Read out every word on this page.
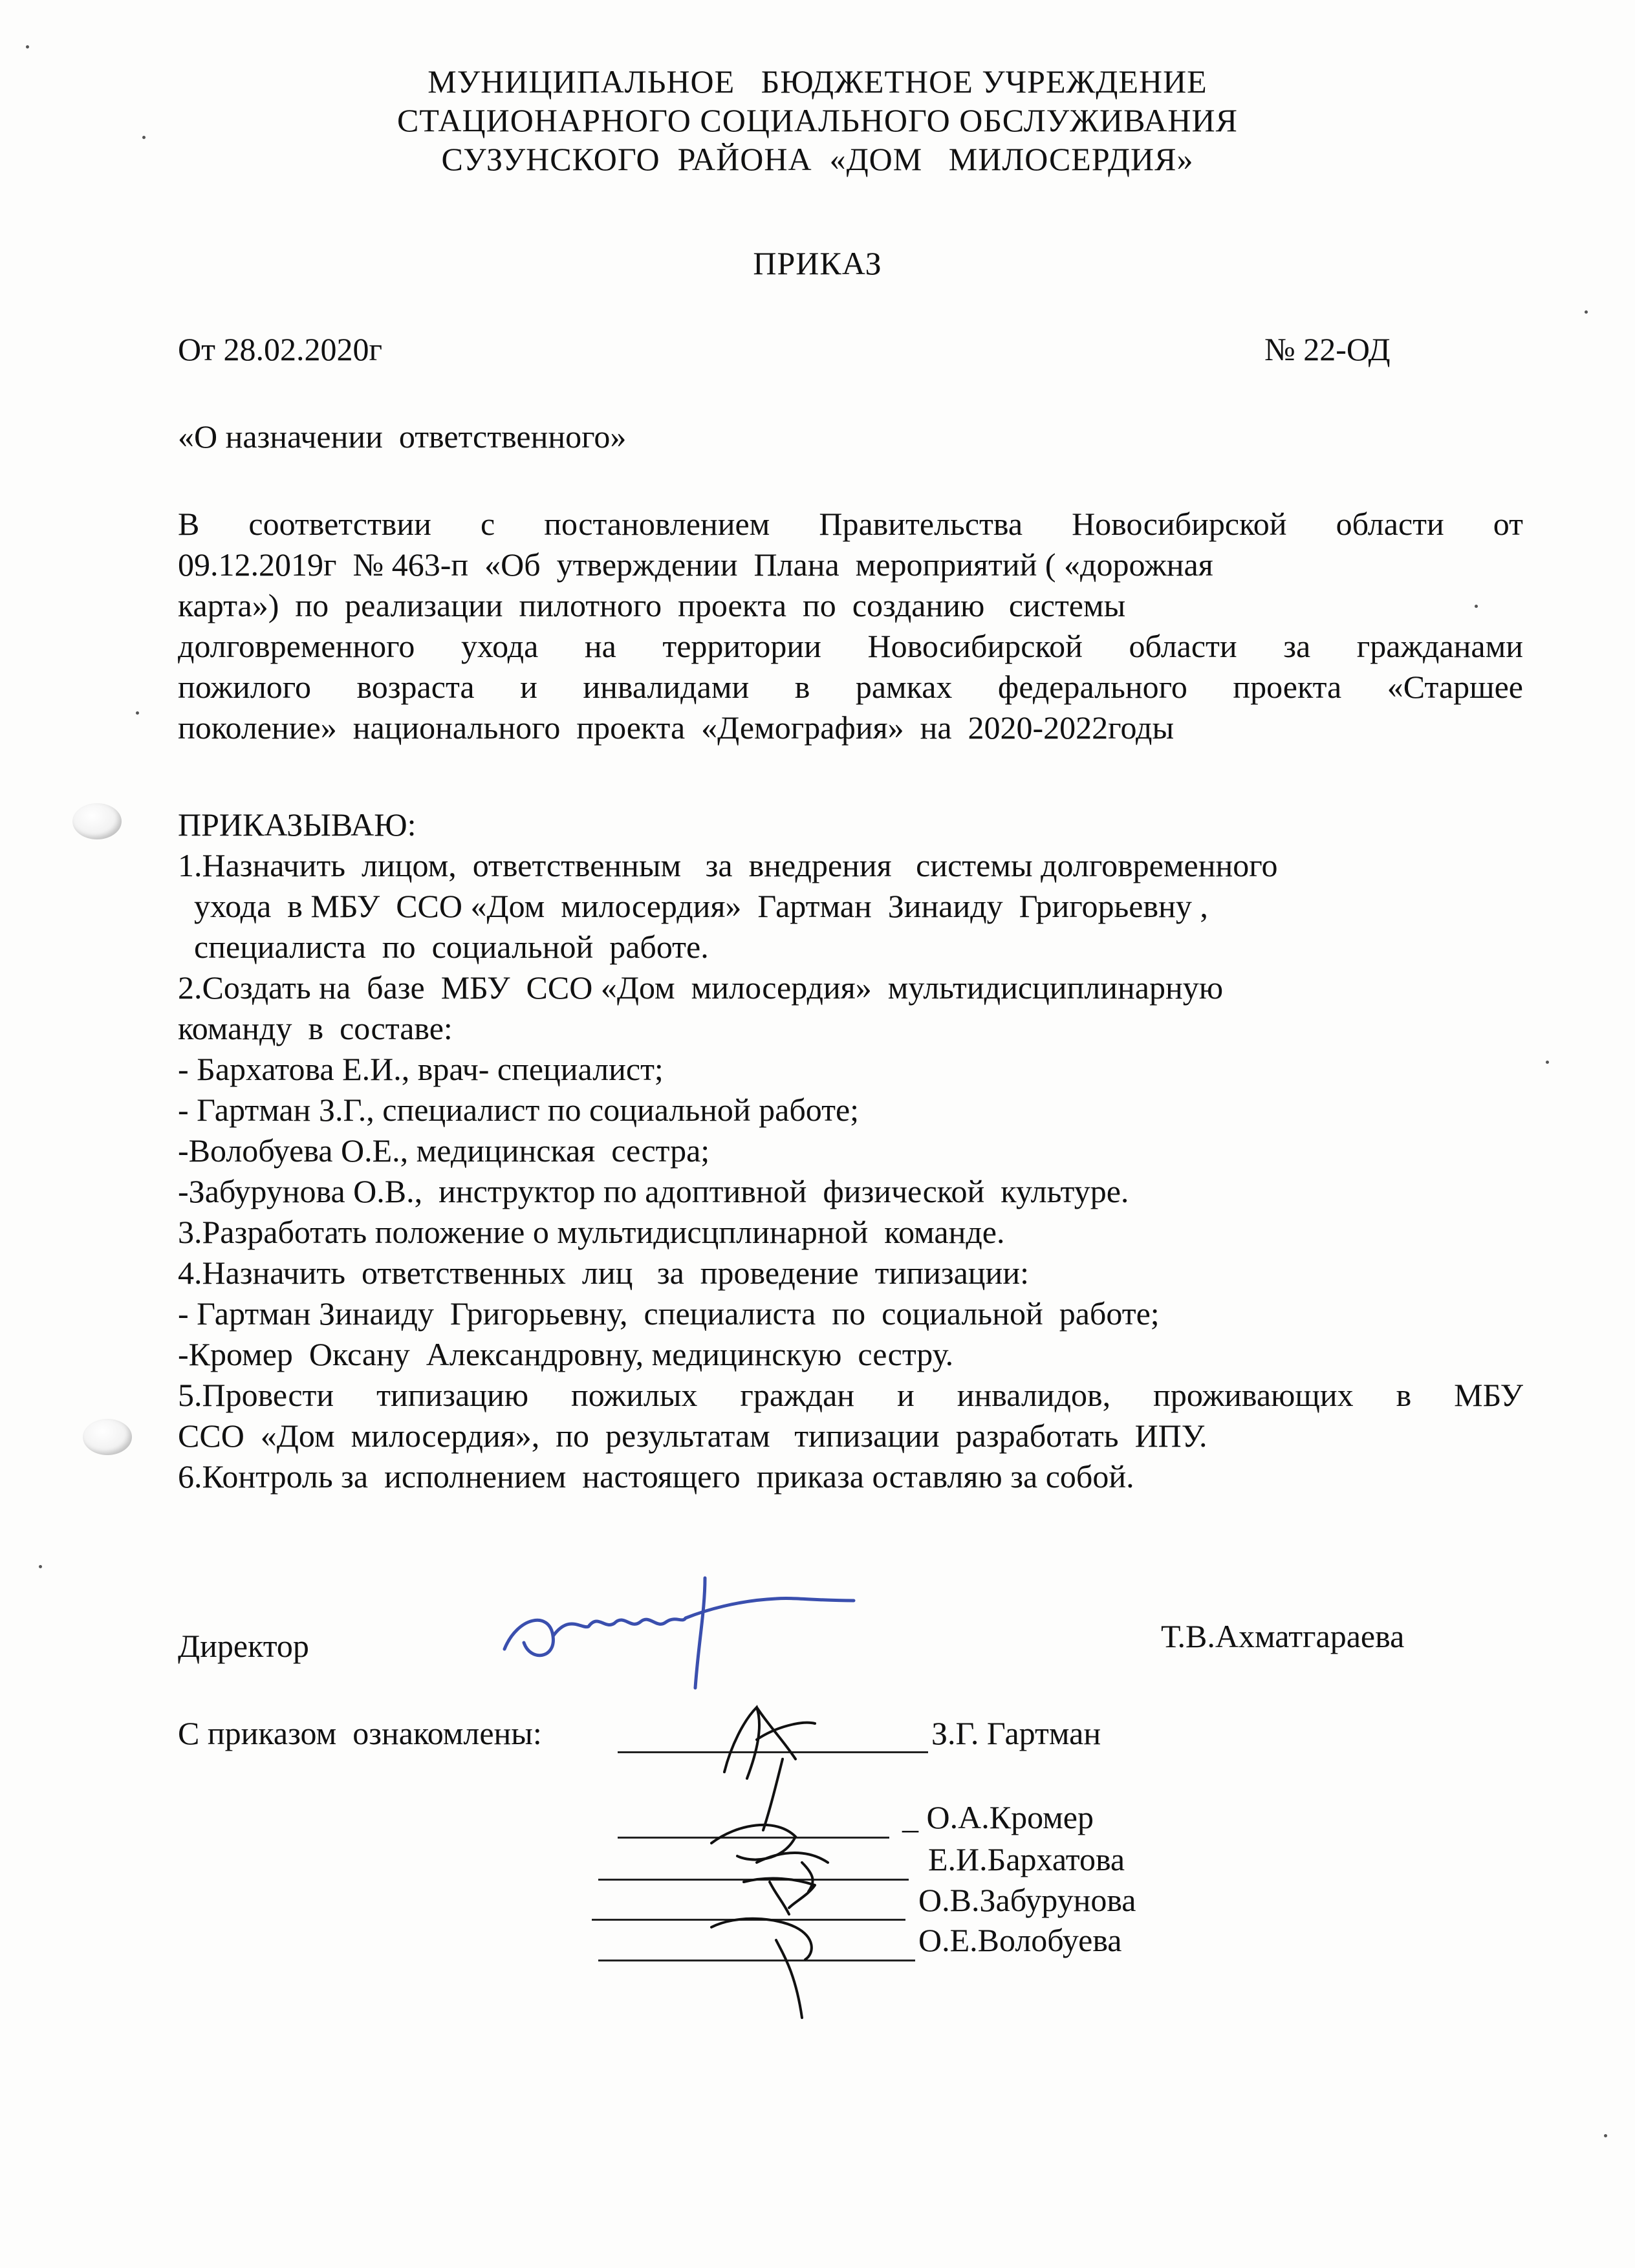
МУНИЦИПАЛЬНОЕ   БЮДЖЕТНОЕ УЧРЕЖДЕНИЕ
СТАЦИОНАРНОГО СОЦИАЛЬНОГО ОБСЛУЖИВАНИЯ
СУЗУНСКОГО  РАЙОНА  «ДОМ   МИЛОСЕРДИЯ»
ПРИКАЗ
От 28.02.2020г	№ 22-ОД
«О назначении  ответственного»
В соответствии с постановлением Правительства Новосибирской области от
09.12.2019г  № 463-п  «Об  утверждении  Плана  мероприятий ( «дорожная
карта»)  по  реализации  пилотного  проекта  по  созданию   системы
долговременного ухода на территории Новосибирской области за гражданами
пожилого возраста и инвалидами в рамках федерального проекта «Старшее
поколение»  национального  проекта  «Демография»  на  2020-2022годы
ПРИКАЗЫВАЮ:
1.Назначить  лицом,  ответственным   за  внедрения   системы долговременного
ухода  в МБУ  ССО «Дом  милосердия»  Гартман  Зинаиду  Григорьевну ,
специалиста  по  социальной  работе.
2.Создать на  базе  МБУ  ССО «Дом  милосердия»  мультидисциплинарную
команду  в  составе:
- Бархатова Е.И., врач- специалист;
- Гартман З.Г., специалист по социальной работе;
-Волобуева О.Е., медицинская  сестра;
-Забурунова О.В.,  инструктор по адоптивной  физической  культуре.
3.Разработать положение о мультидисцплинарной  команде.
4.Назначить  ответственных  лиц   за  проведение  типизации:
- Гартман Зинаиду  Григорьевну,  специалиста  по  социальной  работе;
-Кромер  Оксану  Александровну, медицинскую  сестру.
5.Провести типизацию пожилых граждан и инвалидов, проживающих в МБУ
ССО  «Дом  милосердия»,  по  результатам   типизации  разработать  ИПУ.
6.Контроль за  исполнением  настоящего  приказа оставляю за собой.
Директор	Т.В.Ахматгараева
С приказом  ознакомлены:	З.Г. Гартман
_ О.А.Кромер
Е.И.Бархатова
О.В.Забурунова
О.Е.Волобуева
